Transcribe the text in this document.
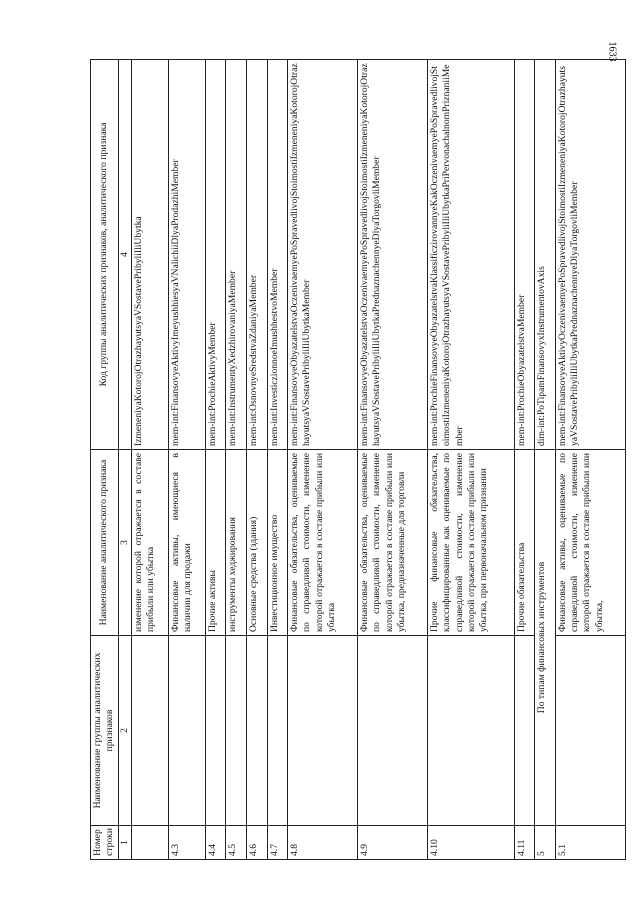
1633
Номер строки	Наименование группы аналитических признаков	Наименование аналитического признака	Код группы аналитических признаков, аналитического признака
1	2	3	4
		изменение которой отражается в составе прибыли или убытка	IzmeneniyaKotorojOtrazhayutsyaVSostavePribyliIliUbytka
4.3		Финансовые активы, имеющиеся в наличии для продажи	mem-int:FinansovyeAktivyImeyushhiesyaVNalichiiDlyaProdazhiMember
4.4		Прочие активы	mem-int:ProchieAktivyMember
4.5		инструменты хеджирования	mem-int:InstrumentyXedzhirovaniyaMember
4.6		Основные средства (здания)	mem-int:OsnovnyeSredstvaZdaniyaMember
4.7		Инвестиционное имущество	mem-int:InvesticzionnoeImushhestvoMember
4.8		Финансовые обязательства, оцениваемые по справедливой стоимости, изменение которой отражается в составе прибыли или убытка	mem-int:FinansovyeObyazatelstvaOczenivaemyePoSpravedlivojStoimostiIzmeneniyaKotorojOtrazhayutsyaVSostavePribyliIliUbytkaMember
4.9		Финансовые обязательства, оцениваемые по справедливой стоимости, изменение которой отражается в составе прибыли или убытка, предназначенные для торговли	mem-int:FinansovyeObyazatelstvaOczenivaemyePoSpravedlivojStoimostiIzmeneniyaKotorojOtrazhayutsyaVSostavePribyliIliUbytkaPrednaznachennyeDlyaTorgovliMember
4.10		Прочие финансовые обязательства, классифицированные как оцениваемые по справедливой стоимости, изменение которой отражается в составе прибыли или убытка, при первоначальном признании	mem-int:ProchieFinansovyeObyazatelstvaKlassificzirovannyeKakOczenivaemyePoSpravedlivojStoimostiIzmeneniyaKotorojOtrazhayutsyaVSostavePribyliIliUbytkaPriPervonachalnomPriznaniiMember
4.11		Прочие обязательства	mem-int:ProchieObyazatelstvaMember
5	По типам финансовых инструментов		dim-int:PoTipamFinansovyxInstrumentovAxis
5.1		Финансовые активы, оцениваемые по справедливой стоимости, изменение которой отражается в составе прибыли или убытка,	mem-int:FinansovyeAktivyOczenivaemyePoSpravedlivojStoimostiIzmeneniyaKotorojOtrazhayutsyaVSostavePribyliIliUbytkaPrednaznachennyeDlyaTorgovliMember
